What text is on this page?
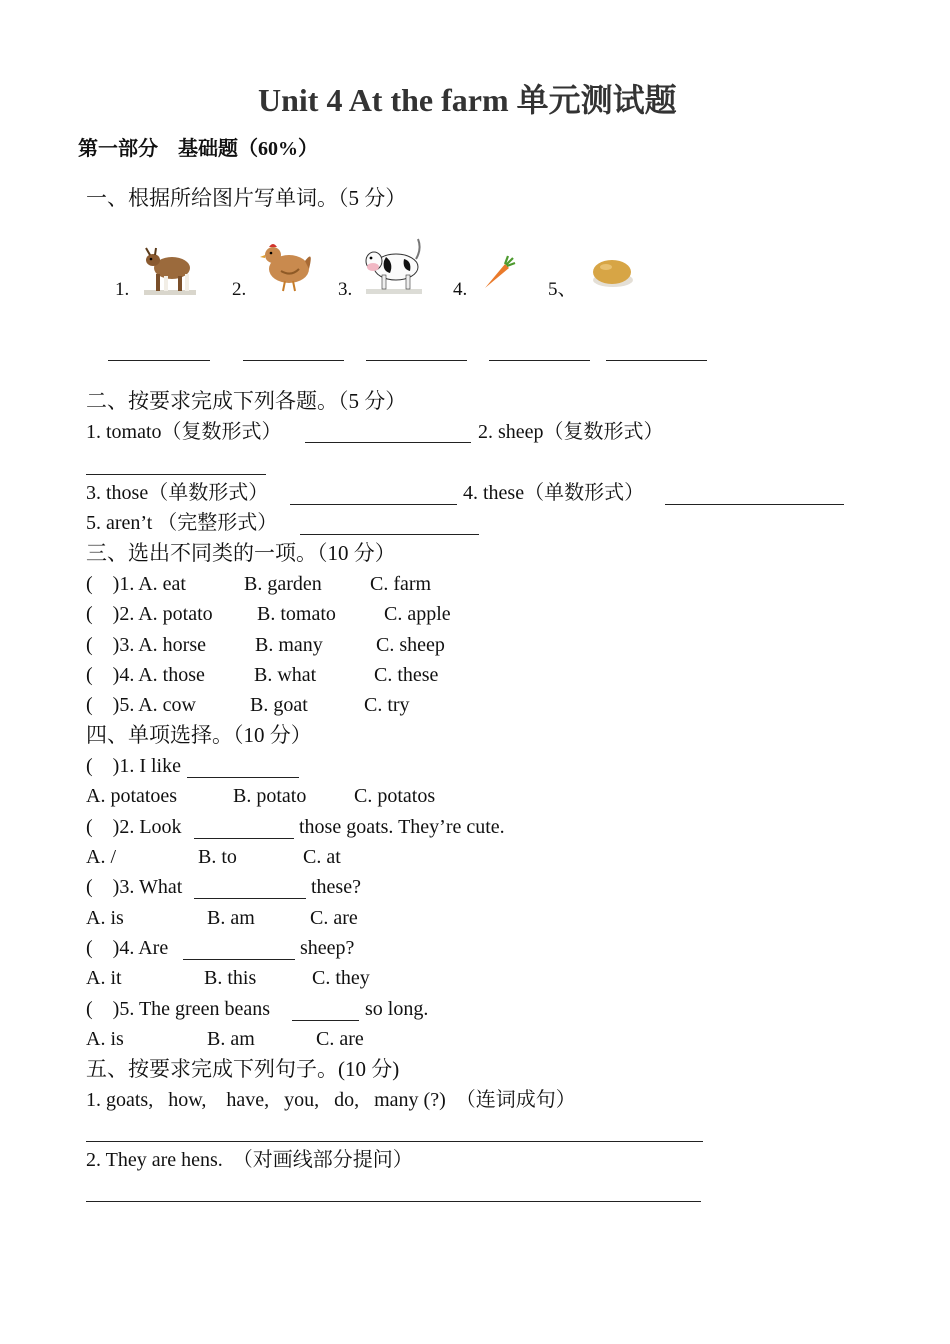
Unit 4 At the farm 单元测试题
第一部分　基础题（60%）
一、根据所给图片写单词。（5 分）
1.	2.	3.	4.	5、
二、按要求完成下列各题。（5 分）
1. tomato（复数形式）	2. sheep（复数形式）
3. those（单数形式）	4. these（单数形式）
5. aren’t （完整形式）
三、选出不同类的一项。（10 分）
(　)1. A. eat	B. garden C. farm
(　)2. A. potato B. tomato C. apple
(　)3. A. horse B. many	C. sheep
(　)4. A. those B. what	C. these
(　)5. A. cow	B. goat	C. try
四、单项选择。（10 分）
(　)1. I like
A. potatoes	B. potato C. potatos
(　)2. Look	those goats. They’re cute.
A. /	B. to	C. at
(　)3. What	these?
A. is	B. am	C. are
(　)4. Are	sheep?
A. it	B. this	C. they
(　)5. The green beans	so long.
A. is	B. am	C. are
五、按要求完成下列句子。(10 分)
1. goats,   how,    have,   you,   do,   many (?)  （连词成句）
2. They are hens.  （对画线部分提问）
